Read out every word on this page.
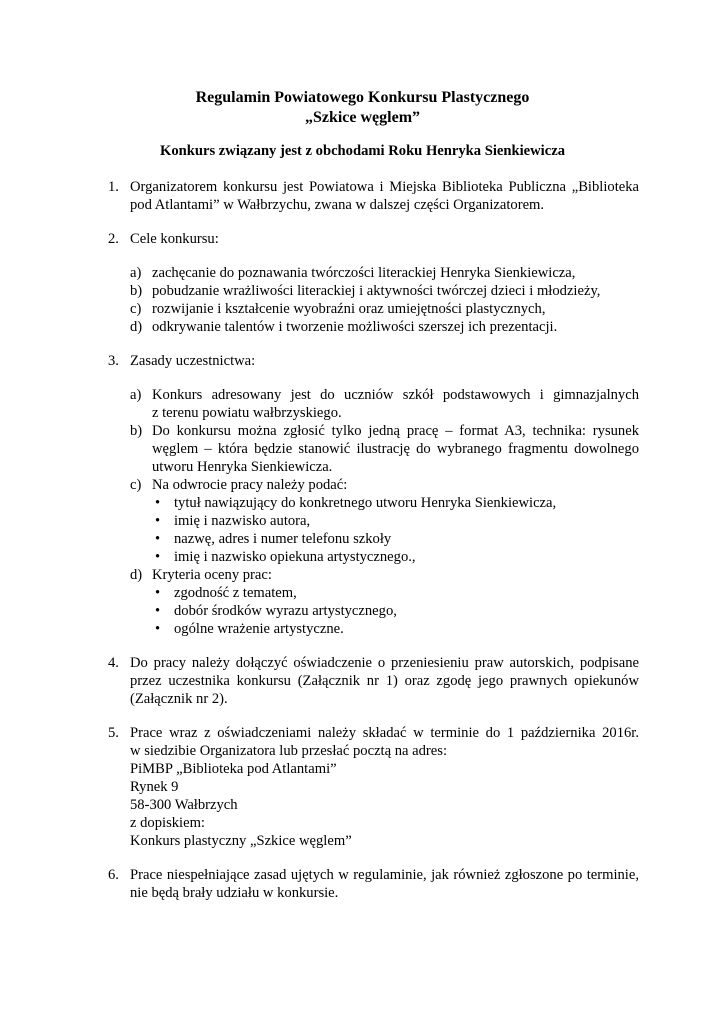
Regulamin Powiatowego Konkursu Plastycznego
„Szkice węglem”
Konkurs związany jest z obchodami Roku Henryka Sienkiewicza
1. Organizatorem konkursu jest Powiatowa i Miejska Biblioteka Publiczna „Biblioteka
pod Atlantami” w Wałbrzychu, zwana w dalszej części Organizatorem.
2. Cele konkursu:
a) zachęcanie do poznawania twórczości literackiej Henryka Sienkiewicza,
b) pobudzanie wrażliwości literackiej i aktywności twórczej dzieci i młodzieży,
c) rozwijanie i kształcenie wyobraźni oraz umiejętności plastycznych,
d) odkrywanie talentów i tworzenie możliwości szerszej ich prezentacji.
3. Zasady uczestnictwa:
a) Konkurs adresowany jest do uczniów szkół podstawowych i gimnazjalnych
z terenu powiatu wałbrzyskiego.
b) Do konkursu można zgłosić tylko jedną pracę – format A3, technika: rysunek
węglem – która będzie stanowić ilustrację do wybranego fragmentu dowolnego
utworu Henryka Sienkiewicza.
c) Na odwrocie pracy należy podać:
• tytuł nawiązujący do konkretnego utworu Henryka Sienkiewicza,
• imię i nazwisko autora,
• nazwę, adres i numer telefonu szkoły
• imię i nazwisko opiekuna artystycznego.,
d) Kryteria oceny prac:
• zgodność z tematem,
• dobór środków wyrazu artystycznego,
• ogólne wrażenie artystyczne.
4. Do pracy należy dołączyć oświadczenie o przeniesieniu praw autorskich, podpisane
przez uczestnika konkursu (Załącznik nr 1) oraz zgodę jego prawnych opiekunów
(Załącznik nr 2).
5. Prace wraz z oświadczeniami należy składać w terminie do 1 października 2016r.
w siedzibie Organizatora lub przesłać pocztą na adres:
PiMBP „Biblioteka pod Atlantami”
Rynek 9
58-300 Wałbrzych
z dopiskiem:
Konkurs plastyczny „Szkice węglem”
6. Prace niespełniające zasad ujętych w regulaminie, jak również zgłoszone po terminie,
nie będą brały udziału w konkursie.
